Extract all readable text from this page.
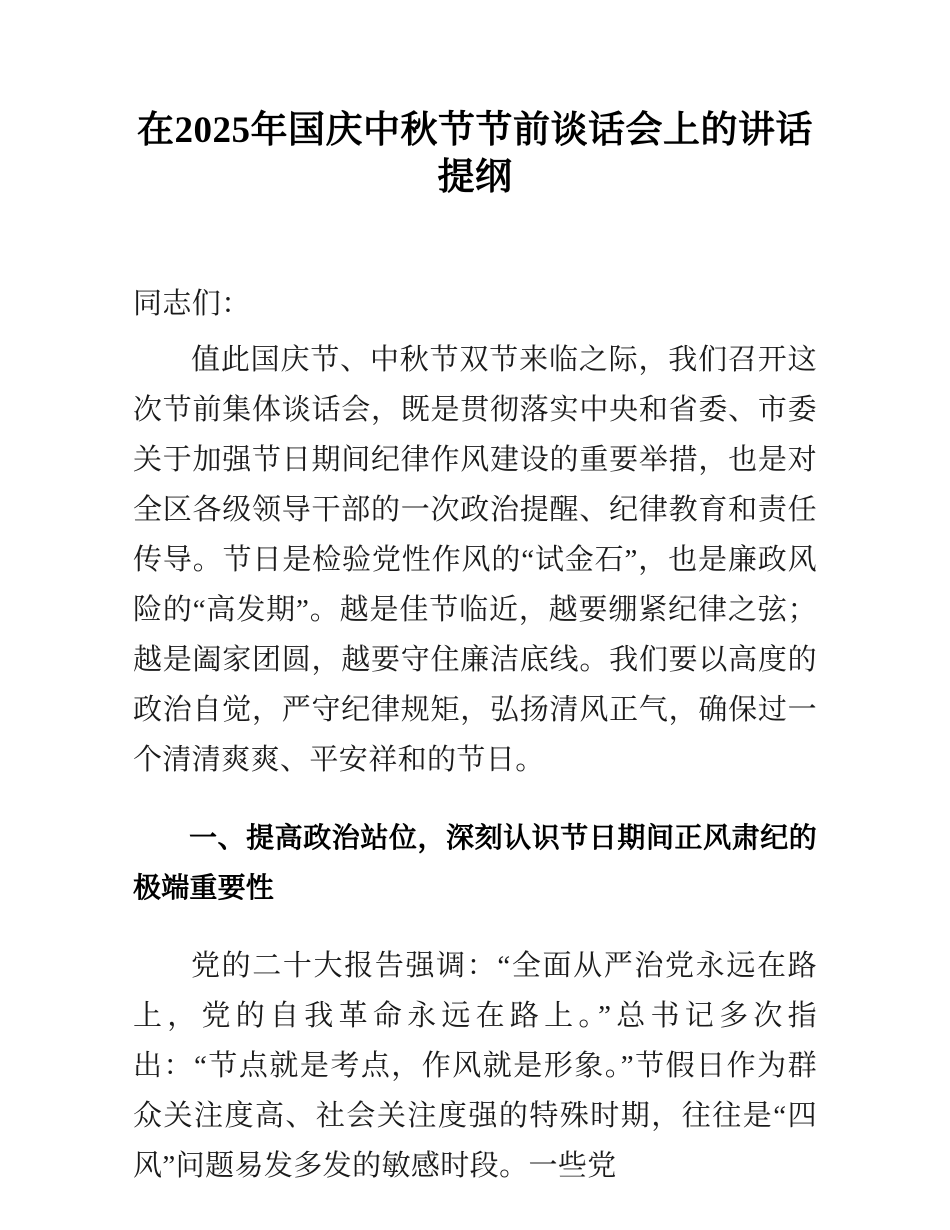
在2025年国庆中秋节节前谈话会上的讲话提纲

同志们：

值此国庆节、中秋节双节来临之际，我们召开这次节前集体谈话会，既是贯彻落实中央和省委、市委关于加强节日期间纪律作风建设的重要举措，也是对全区各级领导干部的一次政治提醒、纪律教育和责任传导。节日是检验党性作风的“试金石”，也是廉政风险的“高发期”。越是佳节临近，越要绷紧纪律之弦；越是阖家团圆，越要守住廉洁底线。我们要以高度的政治自觉，严守纪律规矩，弘扬清风正气，确保过一个清清爽爽、平安祥和的节日。

一、提高政治站位，深刻认识节日期间正风肃纪的极端重要性

党的二十大报告强调：“全面从严治党永远在路上，党的自我革命永远在路上。”总书记多次指出：“节点就是考点，作风就是形象。”节假日作为群众关注度高、社会关注度强的特殊时期，往往是“四风”问题易发多发的敏感时段。一些党
